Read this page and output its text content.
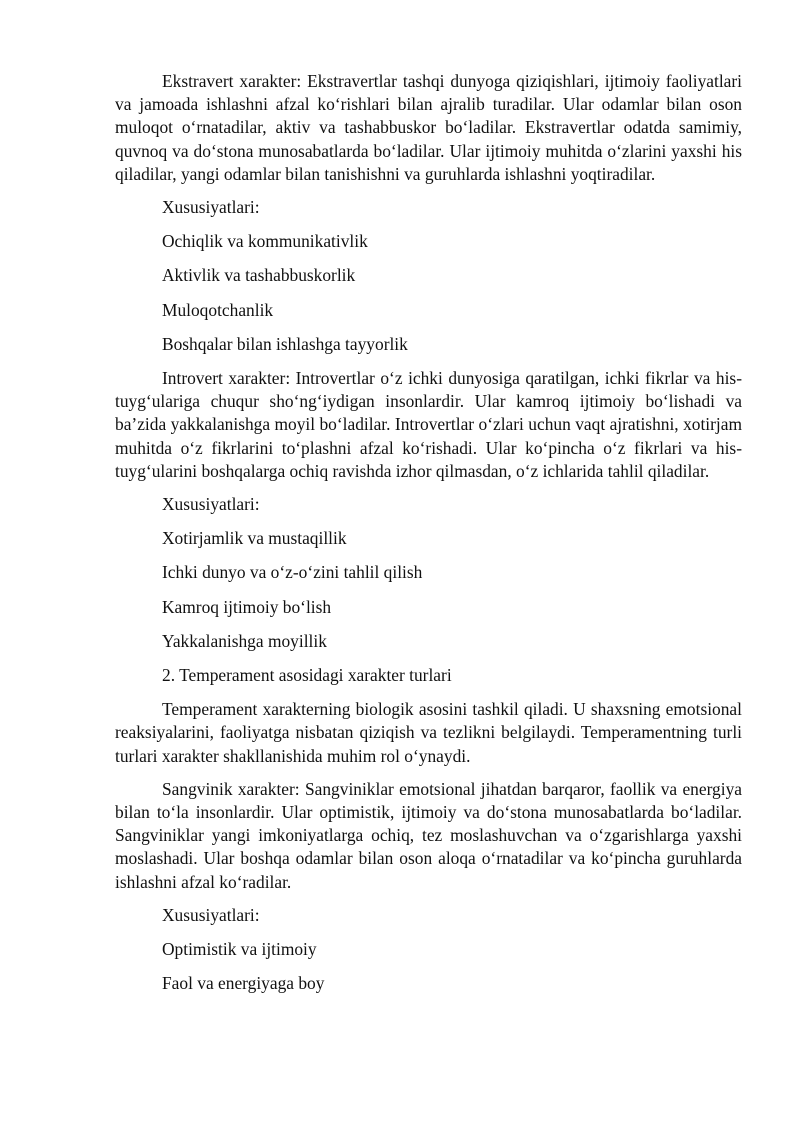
Ekstravert xarakter: Ekstravertlar tashqi dunyoga qiziqishlari, ijtimoiy faoliyatlari va jamoada ishlashni afzal ko‘rishlari bilan ajralib turadilar. Ular odamlar bilan oson muloqot o‘rnatadilar, aktiv va tashabbuskor bo‘ladilar. Ekstravertlar odatda samimiy, quvnoq va do‘stona munosabatlarda bo‘ladilar. Ular ijtimoiy muhitda o‘zlarini yaxshi his qiladilar, yangi odamlar bilan tanishishni va guruhlarda ishlashni yoqtiradilar.

Xususiyatlari:

Ochiqlik va kommunikativlik

Aktivlik va tashabbuskorlik

Muloqotchanlik

Boshqalar bilan ishlashga tayyorlik

Introvert xarakter: Introvertlar o‘z ichki dunyosiga qaratilgan, ichki fikrlar va his-tuyg‘ulariga chuqur sho‘ng‘iydigan insonlardir. Ular kamroq ijtimoiy bo‘lishadi va ba’zida yakkalanishga moyil bo‘ladilar. Introvertlar o‘zlari uchun vaqt ajratishni, xotirjam muhitda o‘z fikrlarini to‘plashni afzal ko‘rishadi. Ular ko‘pincha o‘z fikrlari va his-tuyg‘ularini boshqalarga ochiq ravishda izhor qilmasdan, o‘z ichlarida tahlil qiladilar.

Xususiyatlari:

Xotirjamlik va mustaqillik

Ichki dunyo va o‘z-o‘zini tahlil qilish

Kamroq ijtimoiy bo‘lish

Yakkalanishga moyillik

2. Temperament asosidagi xarakter turlari

Temperament xarakterning biologik asosini tashkil qiladi. U shaxsning emotsional reaksiyalarini, faoliyatga nisbatan qiziqish va tezlikni belgilaydi. Temperamentning turli turlari xarakter shakllanishida muhim rol o‘ynaydi.

Sangvinik xarakter: Sangviniklar emotsional jihatdan barqaror, faollik va energiya bilan to‘la insonlardir. Ular optimistik, ijtimoiy va do‘stona munosabatlarda bo‘ladilar. Sangviniklar yangi imkoniyatlarga ochiq, tez moslashuvchan va o‘zgarishlarga yaxshi moslashadi. Ular boshqa odamlar bilan oson aloqa o‘rnatadilar va ko‘pincha guruhlarda ishlashni afzal ko‘radilar.

Xususiyatlari:

Optimistik va ijtimoiy

Faol va energiyaga boy
